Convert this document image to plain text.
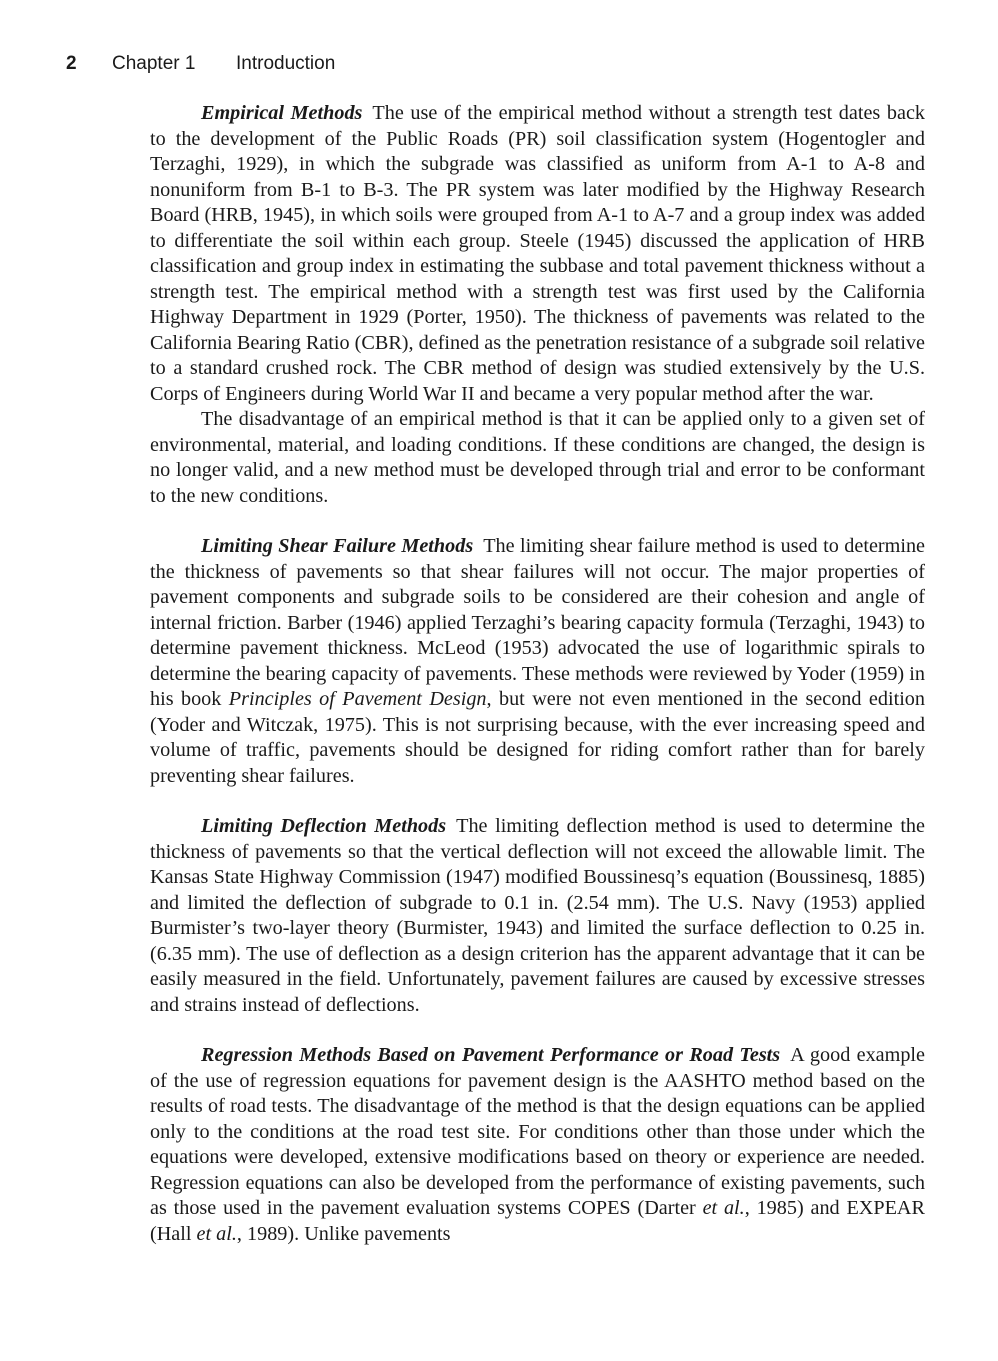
2 Chapter 1 Introduction

Empirical Methods The use of the empirical method without a strength test dates back to the development of the Public Roads (PR) soil classification system (Hogentogler and Terzaghi, 1929), in which the subgrade was classified as uniform from A-1 to A-8 and nonuniform from B-1 to B-3. The PR system was later modified by the Highway Research Board (HRB, 1945), in which soils were grouped from A-1 to A-7 and a group index was added to differentiate the soil within each group. Steele (1945) discussed the application of HRB classification and group index in estimating the subbase and total pavement thickness without a strength test. The empirical method with a strength test was first used by the California Highway Department in 1929 (Porter, 1950). The thickness of pavements was related to the California Bearing Ratio (CBR), defined as the penetration resistance of a subgrade soil relative to a standard crushed rock. The CBR method of design was studied extensively by the U.S. Corps of Engineers during World War II and became a very popular method after the war.

The disadvantage of an empirical method is that it can be applied only to a given set of environmental, material, and loading conditions. If these conditions are changed, the design is no longer valid, and a new method must be developed through trial and error to be conformant to the new conditions.

Limiting Shear Failure Methods The limiting shear failure method is used to determine the thickness of pavements so that shear failures will not occur. The major properties of pavement components and subgrade soils to be considered are their cohesion and angle of internal friction. Barber (1946) applied Terzaghi’s bearing capacity formula (Terzaghi, 1943) to determine pavement thickness. McLeod (1953) advocated the use of logarithmic spirals to determine the bearing capacity of pavements. These methods were reviewed by Yoder (1959) in his book Principles of Pavement Design, but were not even mentioned in the second edition (Yoder and Witczak, 1975). This is not surprising because, with the ever increasing speed and volume of traffic, pavements should be designed for riding comfort rather than for barely preventing shear failures.

Limiting Deflection Methods The limiting deflection method is used to determine the thickness of pavements so that the vertical deflection will not exceed the allowable limit. The Kansas State Highway Commission (1947) modified Boussinesq’s equation (Boussinesq, 1885) and limited the deflection of subgrade to 0.1 in. (2.54 mm). The U.S. Navy (1953) applied Burmister’s two-layer theory (Burmister, 1943) and limited the surface deflection to 0.25 in. (6.35 mm). The use of deflection as a design criterion has the apparent advantage that it can be easily measured in the field. Unfortunately, pavement failures are caused by excessive stresses and strains instead of deflections.

Regression Methods Based on Pavement Performance or Road Tests A good example of the use of regression equations for pavement design is the AASHTO method based on the results of road tests. The disadvantage of the method is that the design equations can be applied only to the conditions at the road test site. For conditions other than those under which the equations were developed, extensive modifications based on theory or experience are needed. Regression equations can also be developed from the performance of existing pavements, such as those used in the pavement evaluation systems COPES (Darter et al., 1985) and EXPEAR (Hall et al., 1989). Unlike pavements
